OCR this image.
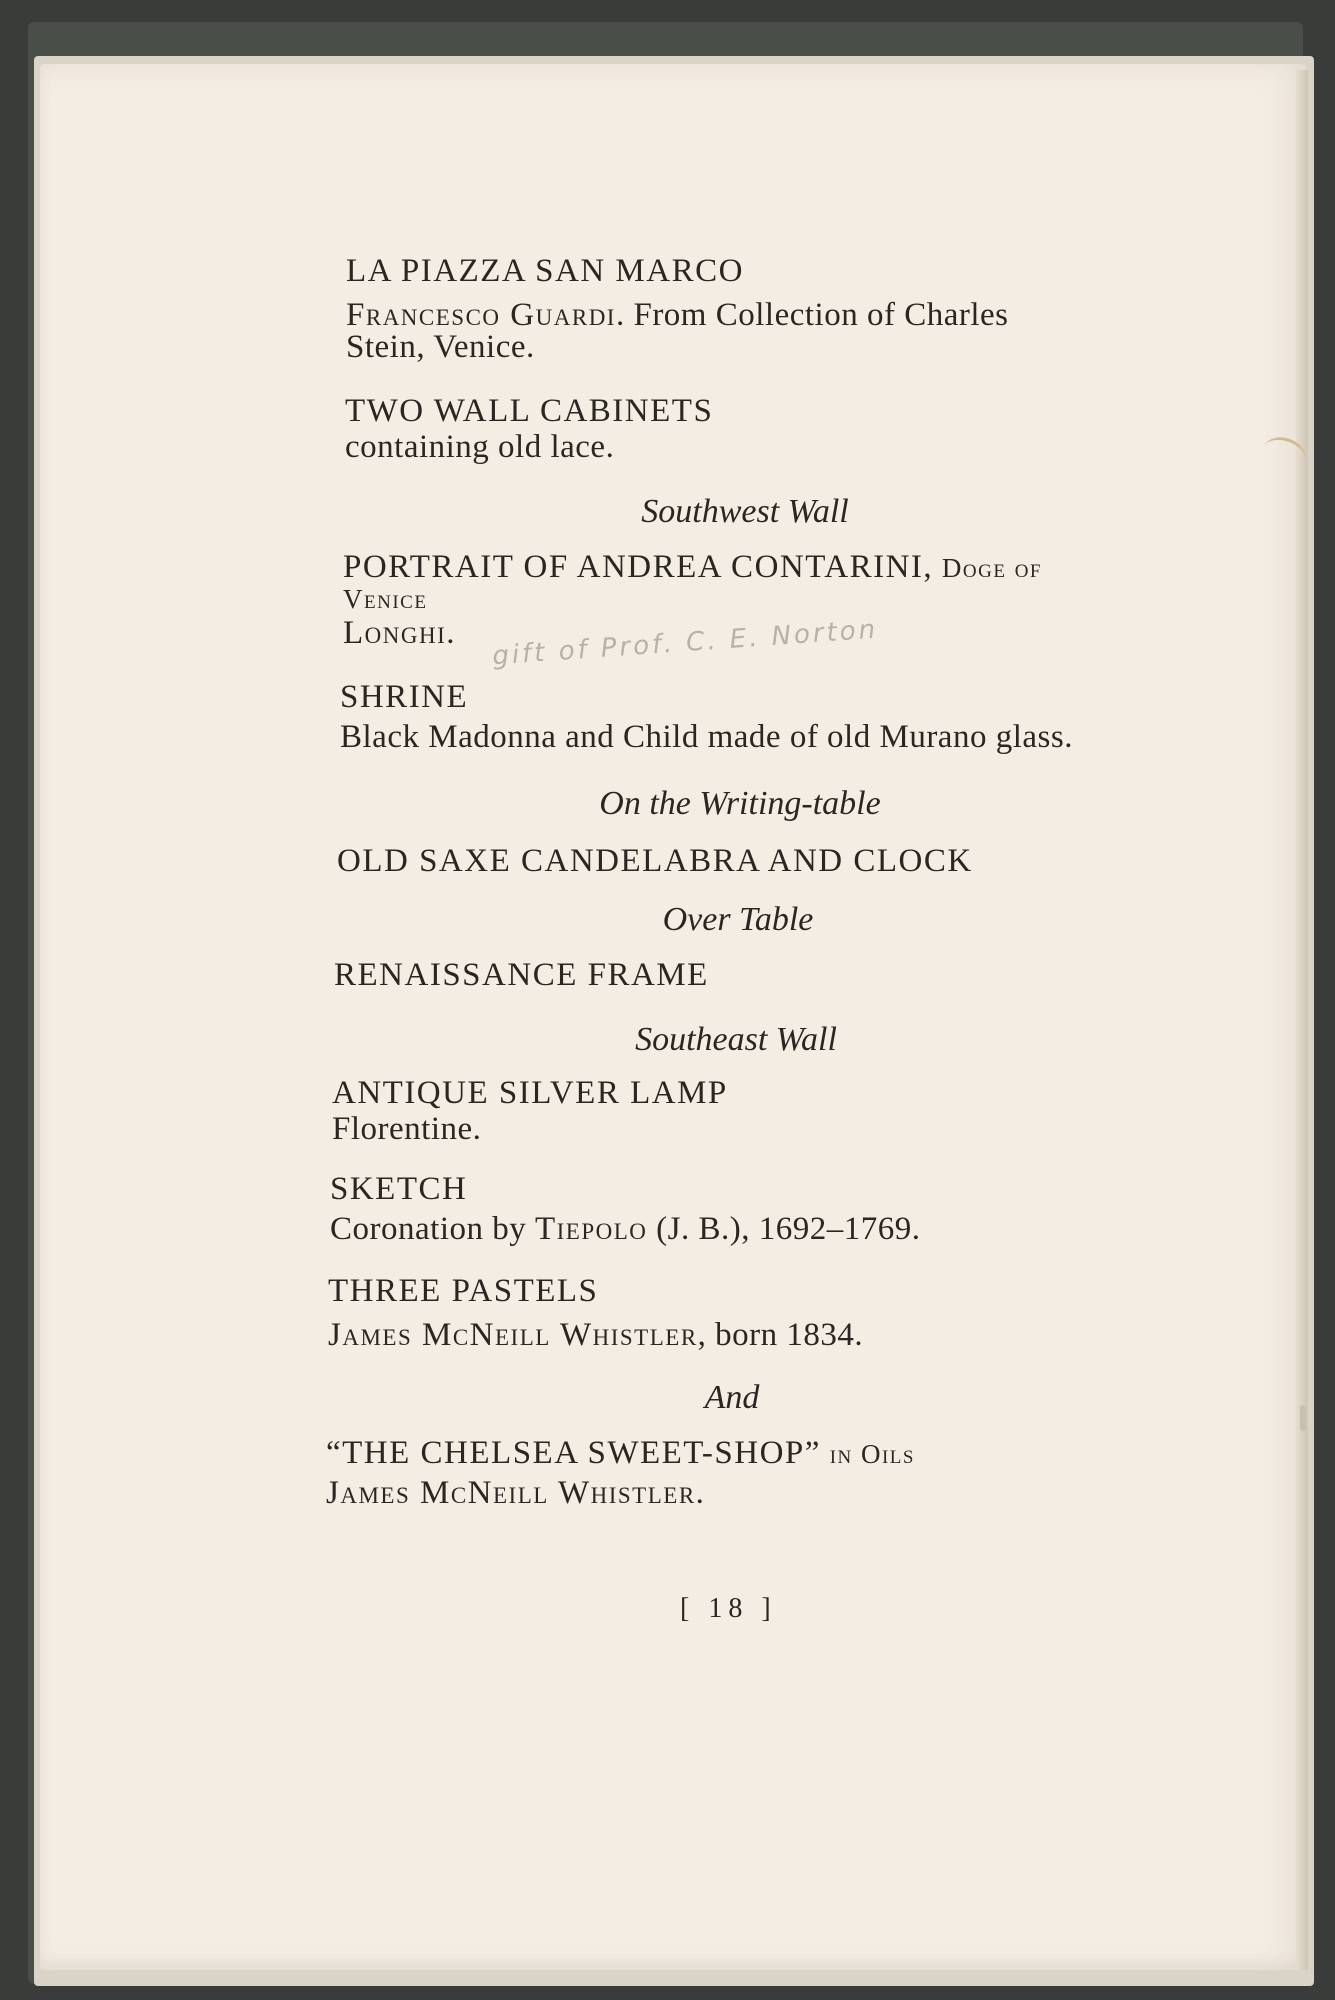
LA PIAZZA SAN MARCO
Francesco Guardi. From Collection of Charles
Stein, Venice.
TWO WALL CABINETS
containing old lace.
Southwest Wall
PORTRAIT OF ANDREA CONTARINI, Doge of
Venice
Longhi. gift of Prof. C. E. Norton
SHRINE
Black Madonna and Child made of old Murano glass.
On the Writing-table
OLD SAXE CANDELABRA AND CLOCK
Over Table
RENAISSANCE FRAME
Southeast Wall
ANTIQUE SILVER LAMP
Florentine.
SKETCH
Coronation by Tiepolo (J. B.), 1692–1769.
THREE PASTELS
James McNeill Whistler, born 1834.
And
“THE CHELSEA SWEET-SHOP” in Oils
James McNeill Whistler.
[ 18 ]
